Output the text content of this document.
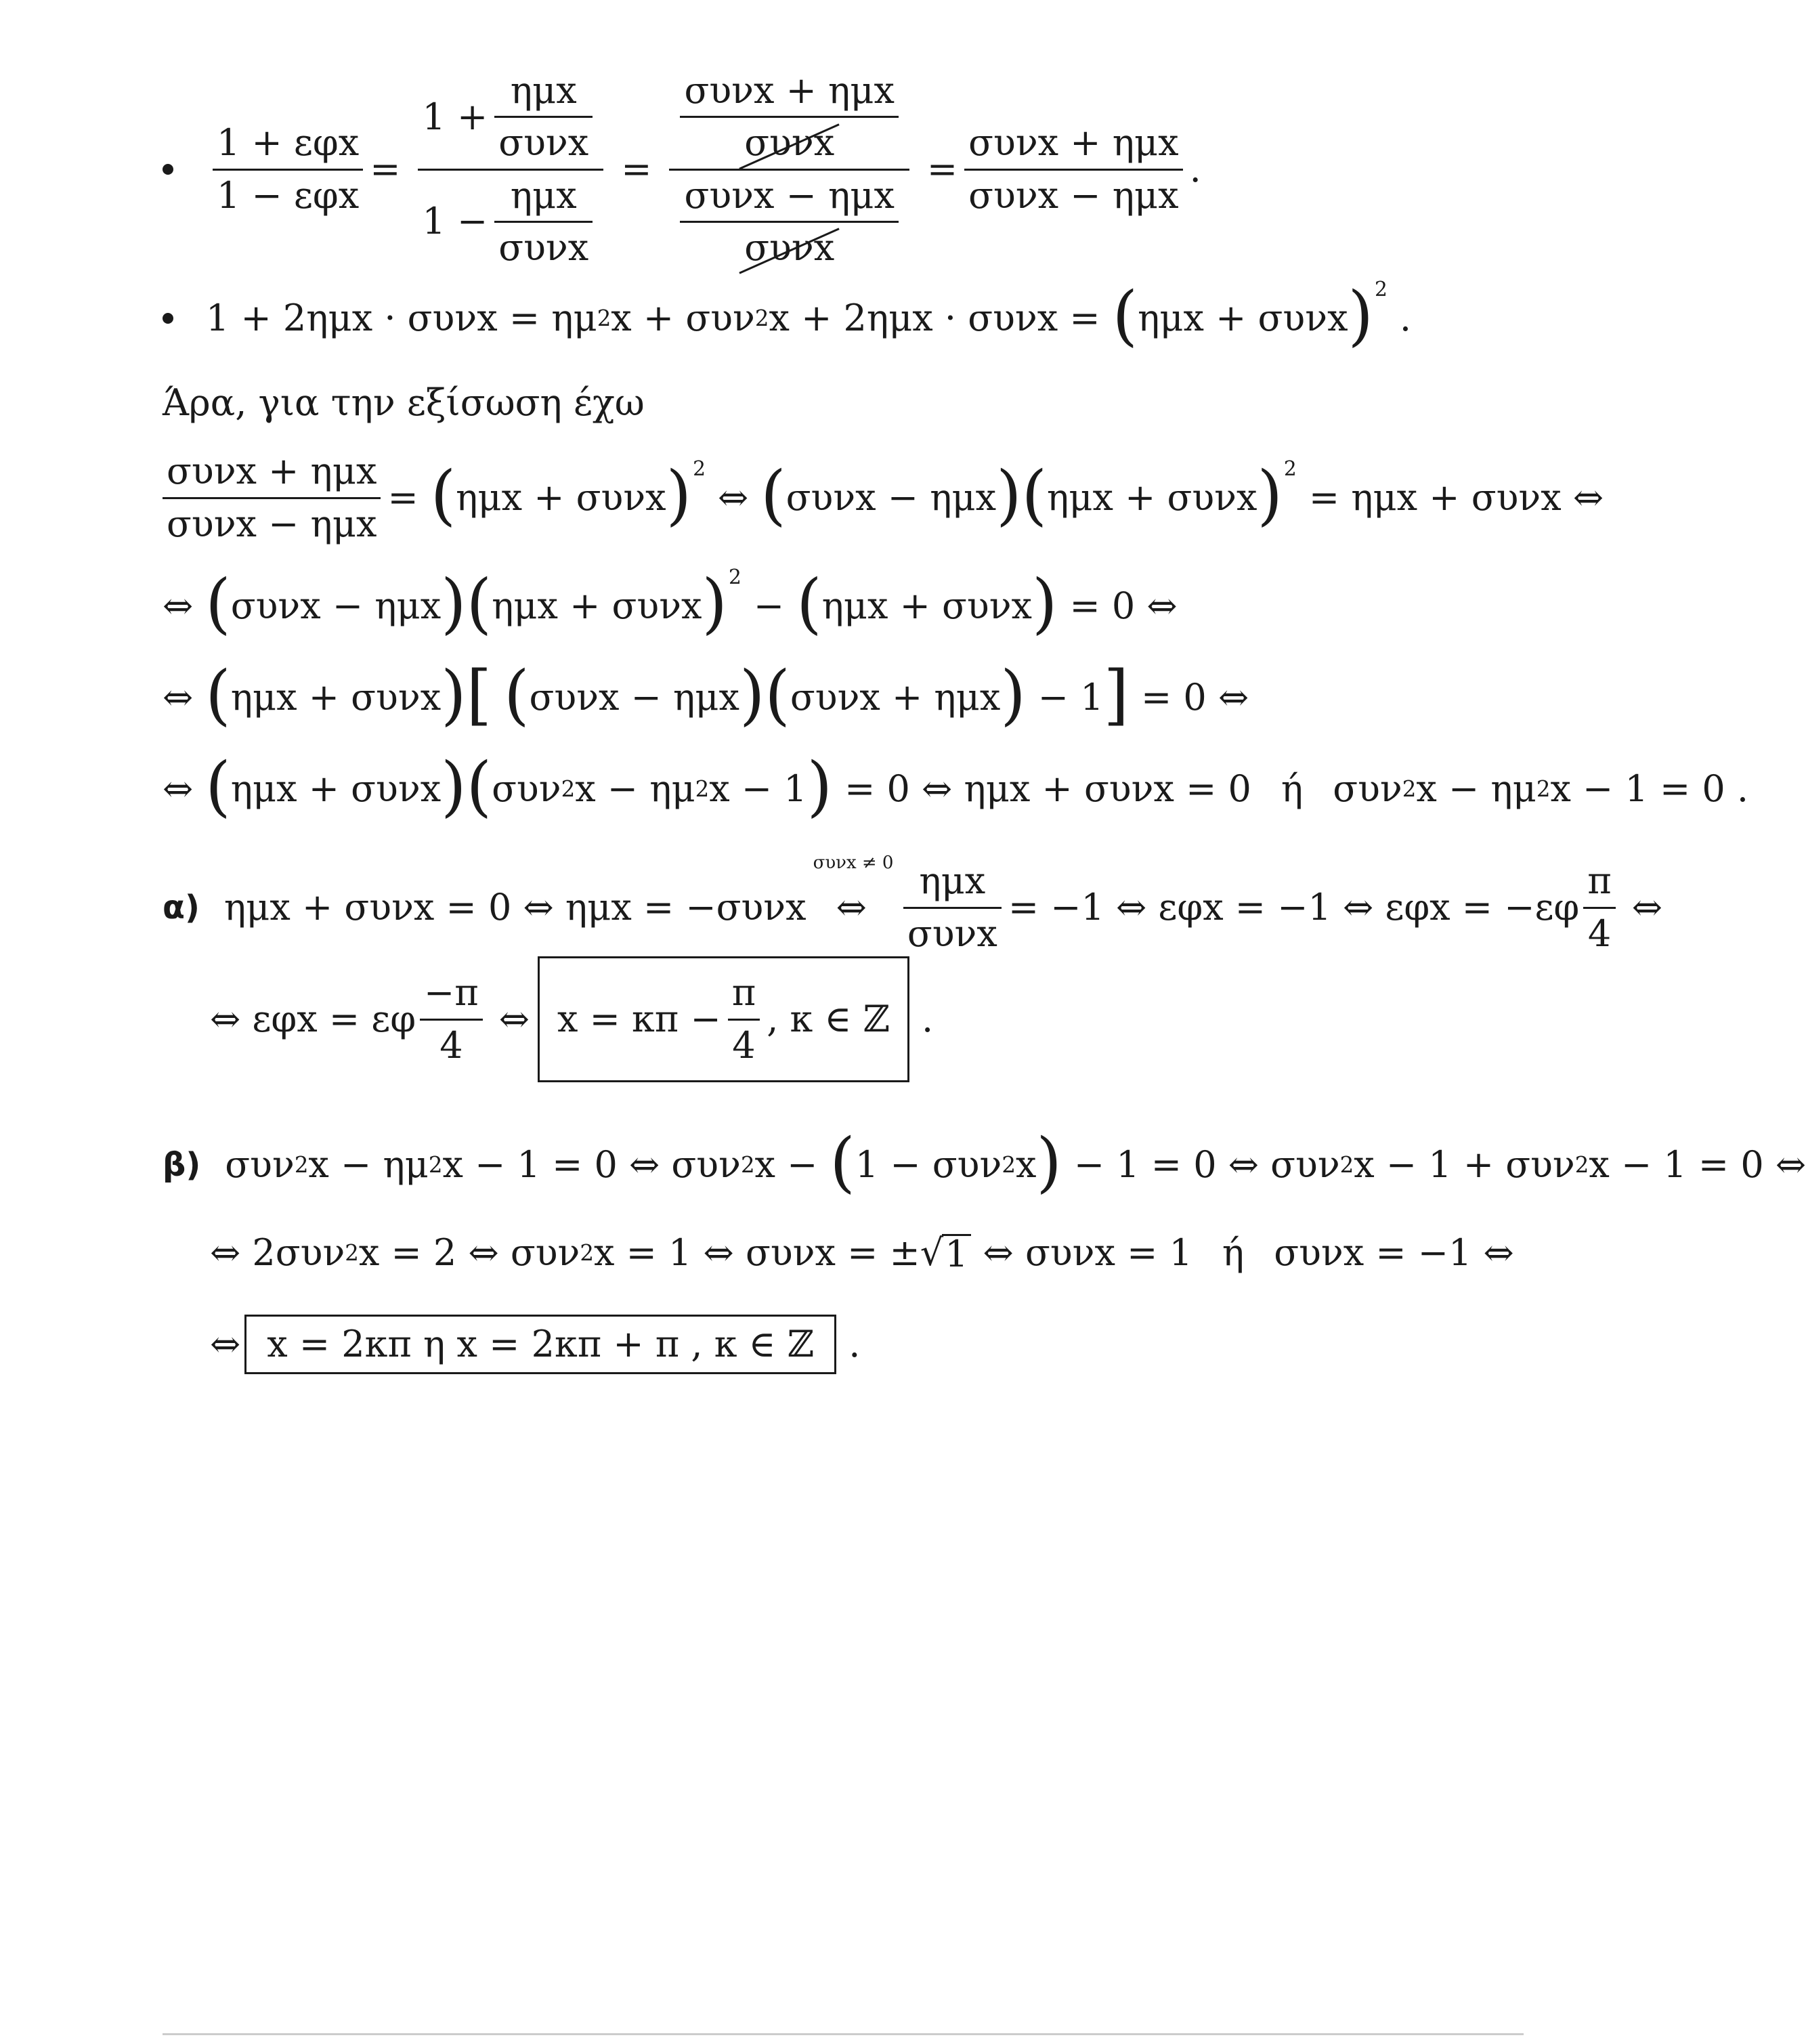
$\frac{\text{1 + εφx}}{\text{1 − εφx}} = \frac{1 + \frac{\text{ημx}}{\text{συνx}}}{1 - \frac{\text{ημx}}{\text{συνx}}} = \frac{\frac{\text{συνx + ημx}}{\text{συνx}}}{\frac{\text{συνx − ημx}}{\text{συνx}}} = \frac{\text{συνx + ημx}}{\text{συνx − ημx}}$ .
1 + 2ημx · συνx = ημ 2 x + συν 2 x + 2ημx · συνx = ( ημx + συνx ) 2
.
Άρα, για την εξίσωση έχω
$\frac{\text{συνx + ημx}}{\text{συνx − ημx}}$ = ( ημx + συνx ) 2
⇔ ( συνx − ημx )( ημx + συνx ) 2
= ημx + συνx ⇔
⇔ ( συνx − ημx )( ημx + συνx ) 2
− ( ημx + συνx ) = 0 ⇔
⇔ ( ημx + συνx )[ ( συνx − ημx )( συνx + ημx ) − 1 ] = 0 ⇔
⇔ ( ημx + συνx )( συν 2 x − ημ 2 x − 1 ) = 0 ⇔ ημx + συνx = 0 ή συν 2 x − ημ 2 x − 1 = 0 .
α) ημx + συνx = 0 ⇔ ημx = −συνx
συνx ≠ 0
⇔ $\frac{\text{ημx}}{\text{συνx}} = -1$ ⇔ εφx = −1 ⇔ $\varepsilon\varphi x = -\varepsilon\varphi \frac{\pi}{4}$ ⇔
⇔ εφx = εφ $\frac{-\pi}{4}$ ⇔ $x = \kappa\pi - \frac{\pi}{4}$ , κ ∈ ℤ .
β) συν 2 x − ημ 2 x − 1 = 0 ⇔ συν 2 x − ( 1 − συν 2 x ) − 1 = 0 ⇔ συν 2 x − 1 + συν 2 x − 1 = 0 ⇔
⇔ 2συν 2 x = 2 ⇔ συν 2 x = 1 ⇔ συνx = ± √ 1 ⇔ συνx = 1 ή συνx = −1 ⇔
⇔ x = 2κπ η x = 2κπ + π , κ ∈ ℤ .
